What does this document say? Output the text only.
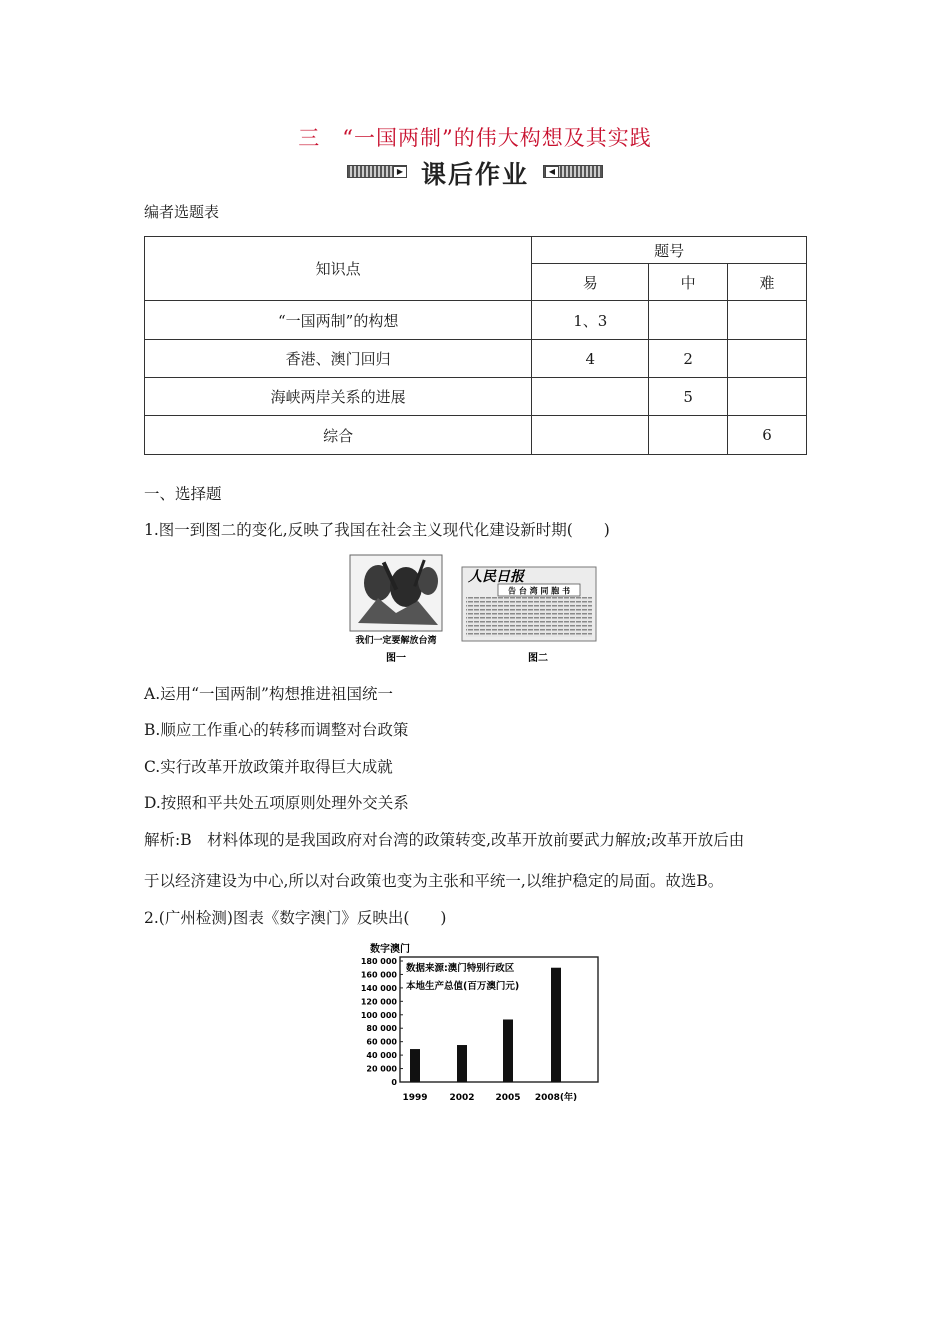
三　“一国两制”的伟大构想及其实践
▶ 课后作业	◀
编者选题表
知识点	题号		
	易	中	难
“一国两制”的构想	1、3		
香港、澳门回归	4	2	
海峡两岸关系的进展		5	
综合			6
一、选择题
1.图一到图二的变化,反映了我国在社会主义现代化建设新时期(　　)
我们一定要解放台湾
图一
人民日报
告 台 湾 同 胞 书
图二
A.运用“一国两制”构想推进祖国统一
B.顺应工作重心的转移而调整对台政策
C.实行改革开放政策并取得巨大成就
D.按照和平共处五项原则处理外交关系
解析:B　材料体现的是我国政府对台湾的政策转变,改革开放前要武力解放;改革开放后由
于以经济建设为中心,所以对台政策也变为主张和平统一,以维护稳定的局面。故选B。
2.(广州检测)图表《数字澳门》反映出(　　)
数字澳门
数据来源:澳门特别行政区
本地生产总值(百万澳门元)
0
20 000
40 000
60 000
80 000
100 000
120 000
140 000
160 000
180 000
1999 2002 2005 2008(年)
